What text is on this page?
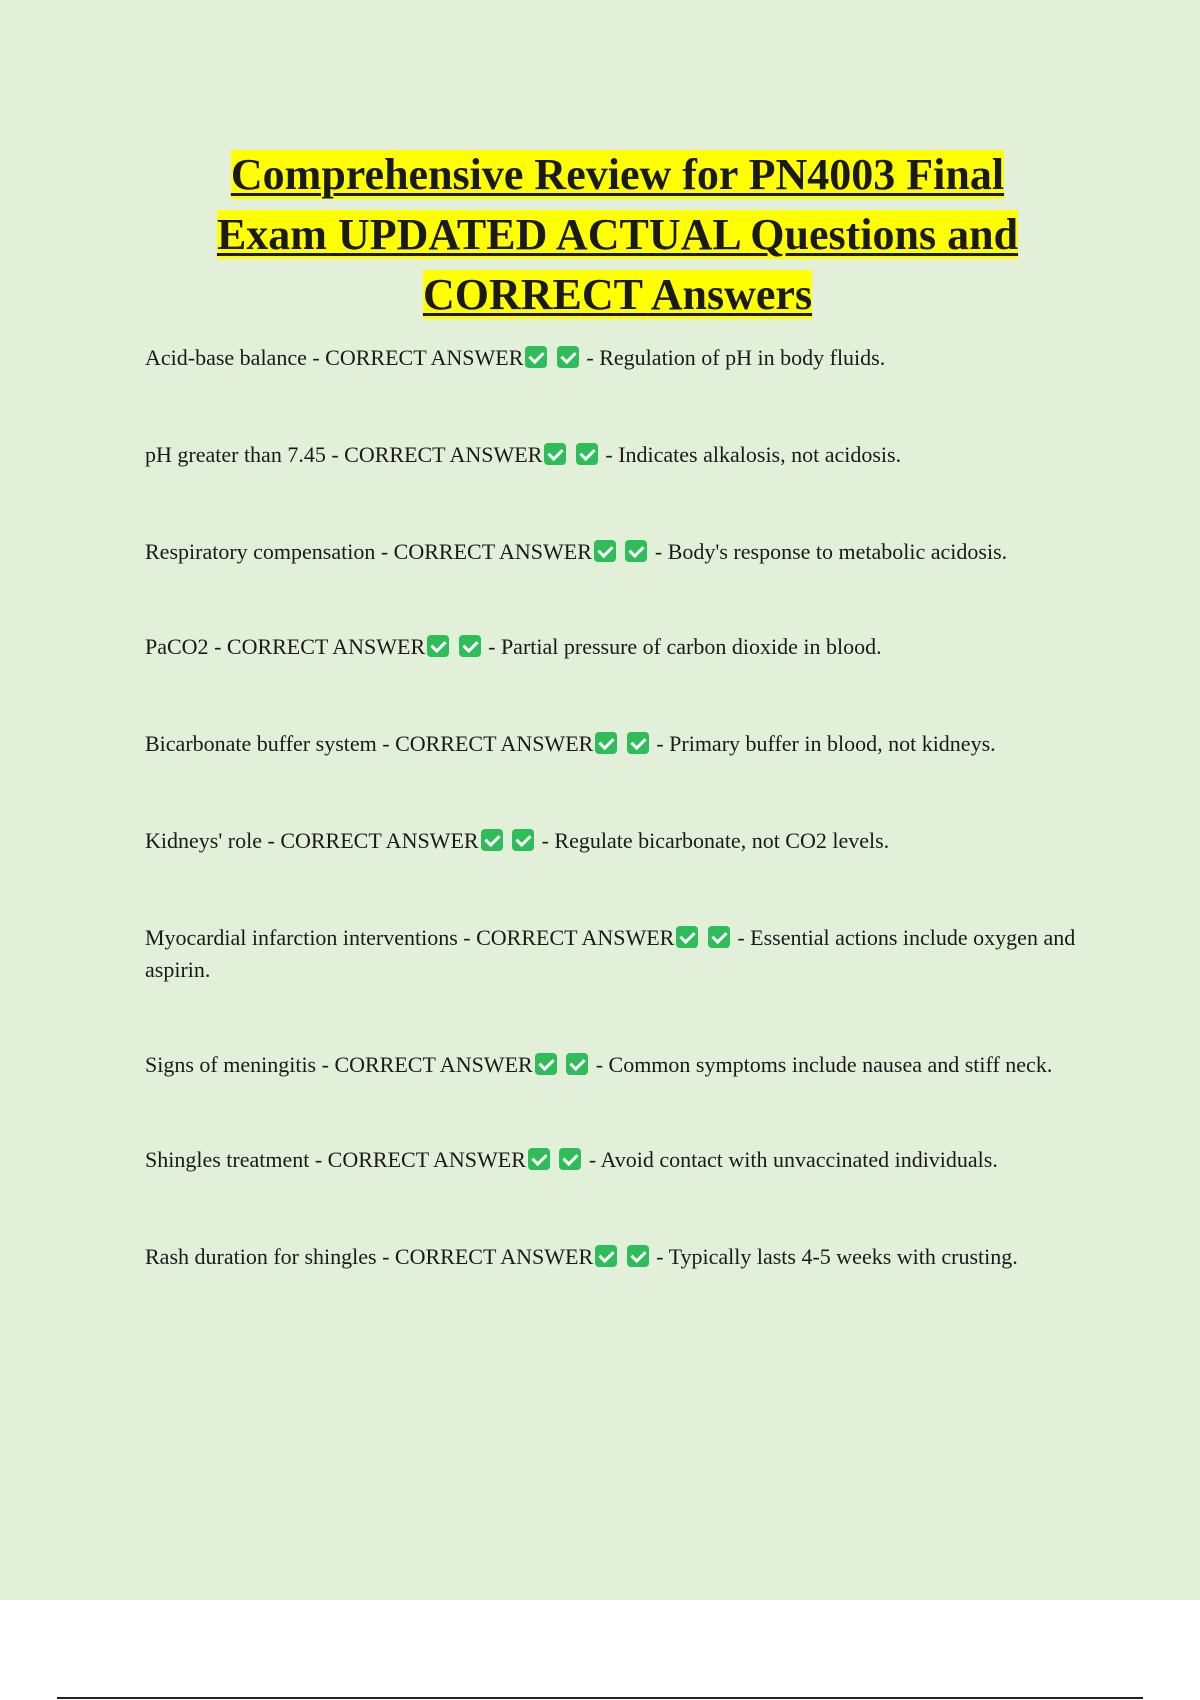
Comprehensive Review for PN4003 Final
Exam UPDATED ACTUAL Questions and
CORRECT Answers
Acid-base balance - CORRECT ANSWER	- Regulation of pH in body fluids.
pH greater than 7.45 - CORRECT ANSWER	- Indicates alkalosis, not acidosis.
Respiratory compensation - CORRECT ANSWER	- Body's response to metabolic acidosis.
PaCO2 - CORRECT ANSWER	- Partial pressure of carbon dioxide in blood.
Bicarbonate buffer system - CORRECT ANSWER	- Primary buffer in blood, not kidneys.
Kidneys' role - CORRECT ANSWER	- Regulate bicarbonate, not CO2 levels.
Myocardial infarction interventions - CORRECT ANSWER	- Essential actions include oxygen and aspirin.
Signs of meningitis - CORRECT ANSWER	- Common symptoms include nausea and stiff neck.
Shingles treatment - CORRECT ANSWER	- Avoid contact with unvaccinated individuals.
Rash duration for shingles - CORRECT ANSWER	- Typically lasts 4-5 weeks with crusting.
